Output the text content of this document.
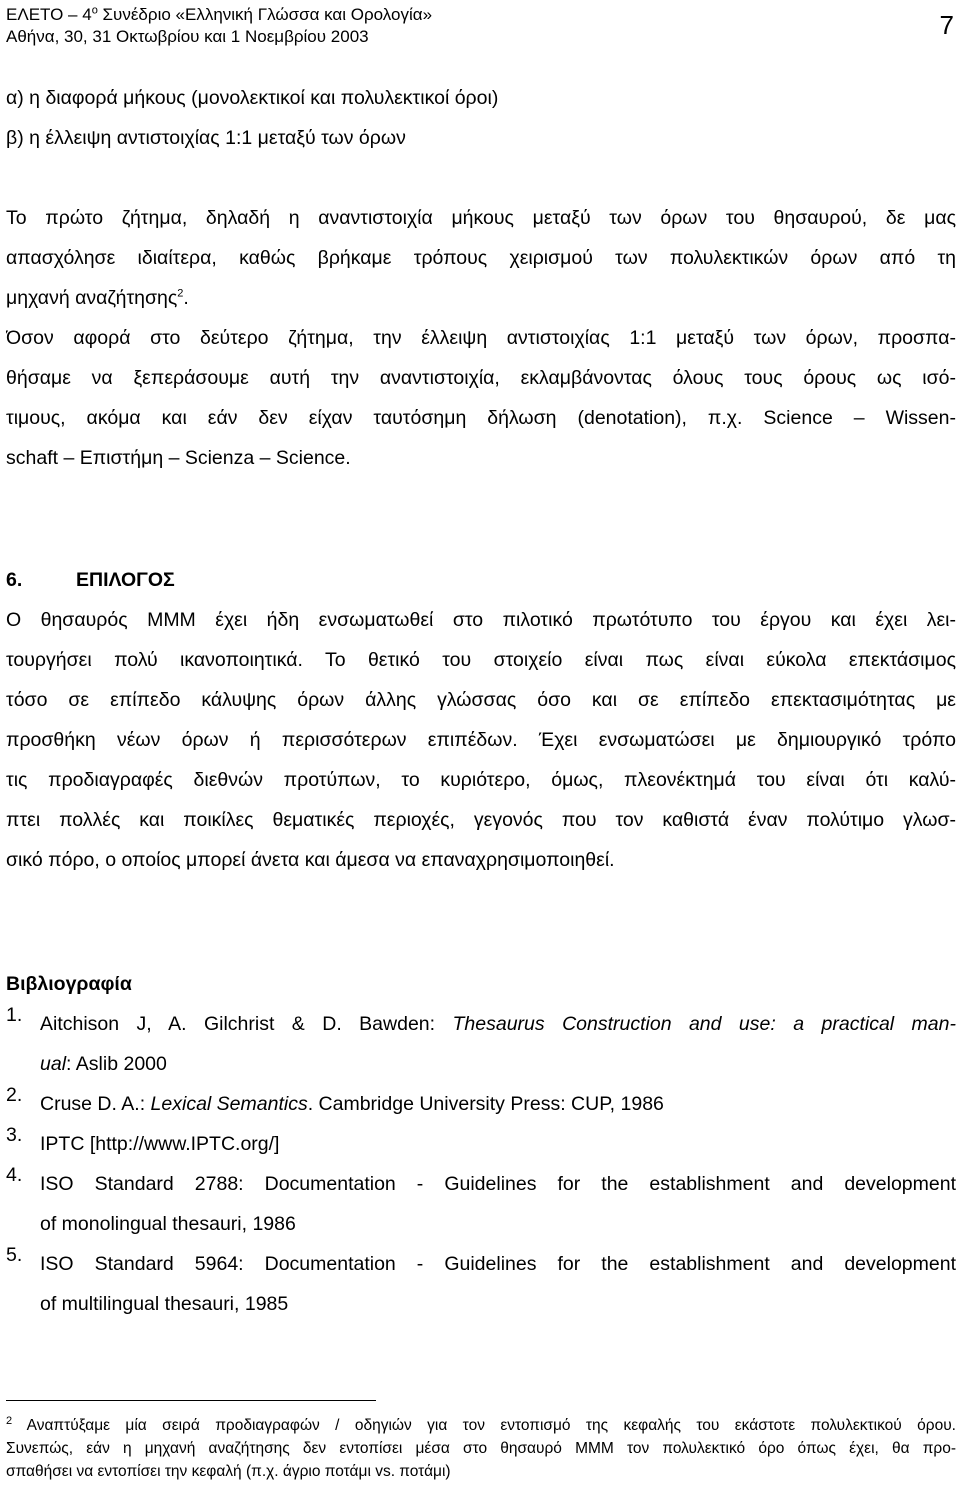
ΕΛΕΤΟ – $4^o$ Συνέδριο «Ελληνική Γλώσσα και Ορολογία»
Αθήνα, 30, 31 Οκτωβρίου και 1 Νοεμβρίου 2003	7
α) η διαφορά μήκους (μονολεκτικοί και πολυλεκτικοί όροι)
β) η έλλειψη αντιστοιχίας 1:1 μεταξύ των όρων
Το πρώτο ζήτημα, δηλαδή η αναντιστοιχία μήκους μεταξύ των όρων του θησαυρού, δε μας
απασχόλησε ιδιαίτερα, καθώς βρήκαμε τρόπους χειρισμού των πολυλεκτικών όρων από τη
μηχανή αναζήτησης$^2$.
Όσον αφορά στο δεύτερο ζήτημα, την έλλειψη αντιστοιχίας 1:1 μεταξύ των όρων, προσπα-
θήσαμε να ξεπεράσουμε αυτή την αναντιστοιχία, εκλαμβάνοντας όλους τους όρους ως ισό-
τιμους, ακόμα και εάν δεν είχαν ταυτόσημη δήλωση (denotation), π.χ. Science – Wissen-
schaft – Επιστήμη – Scienza – Science.
6.	ΕΠΙΛΟΓΟΣ
Ο θησαυρός ΜΜΜ έχει ήδη ενσωματωθεί στο πιλοτικό πρωτότυπο του έργου και έχει λει-
τουργήσει πολύ ικανοποιητικά. Το θετικό του στοιχείο είναι πως είναι εύκολα επεκτάσιμος
τόσο σε επίπεδο κάλυψης όρων άλλης γλώσσας όσο και σε επίπεδο επεκτασιμότητας με
προσθήκη νέων όρων ή περισσότερων επιπέδων. Έχει ενσωματώσει με δημιουργικό τρόπο
τις προδιαγραφές διεθνών προτύπων, το κυριότερο, όμως, πλεονέκτημά του είναι ότι καλύ-
πτει πολλές και ποικίλες θεματικές περιοχές, γεγονός που τον καθιστά έναν πολύτιμο γλωσ-
σικό πόρο, ο οποίος μπορεί άνετα και άμεσα να επαναχρησιμοποιηθεί.
Βιβλιογραφία
1. Aitchison J, A. Gilchrist & D. Bawden: Thesaurus Construction and use: a practical man-
ual: Aslib 2000
2. Cruse D. A.: Lexical Semantics. Cambridge University Press: CUP, 1986
3. IPTC [http://www.IPTC.org/]
4. ISO Standard 2788: Documentation - Guidelines for the establishment and development
of monolingual thesauri, 1986
5. ISO Standard 5964: Documentation - Guidelines for the establishment and development
of multilingual thesauri, 1985
$^2$ Αναπτύξαμε μία σειρά προδιαγραφών / οδηγιών για τον εντοπισμό της κεφαλής του εκάστοτε πολυλεκτικού όρου.
Συνεπώς, εάν η μηχανή αναζήτησης δεν εντοπίσει μέσα στο θησαυρό ΜΜΜ τον πολυλεκτικό όρο όπως έχει, θα προ-
σπαθήσει να εντοπίσει την κεφαλή (π.χ. άγριο ποτάμι vs. ποτάμι)
